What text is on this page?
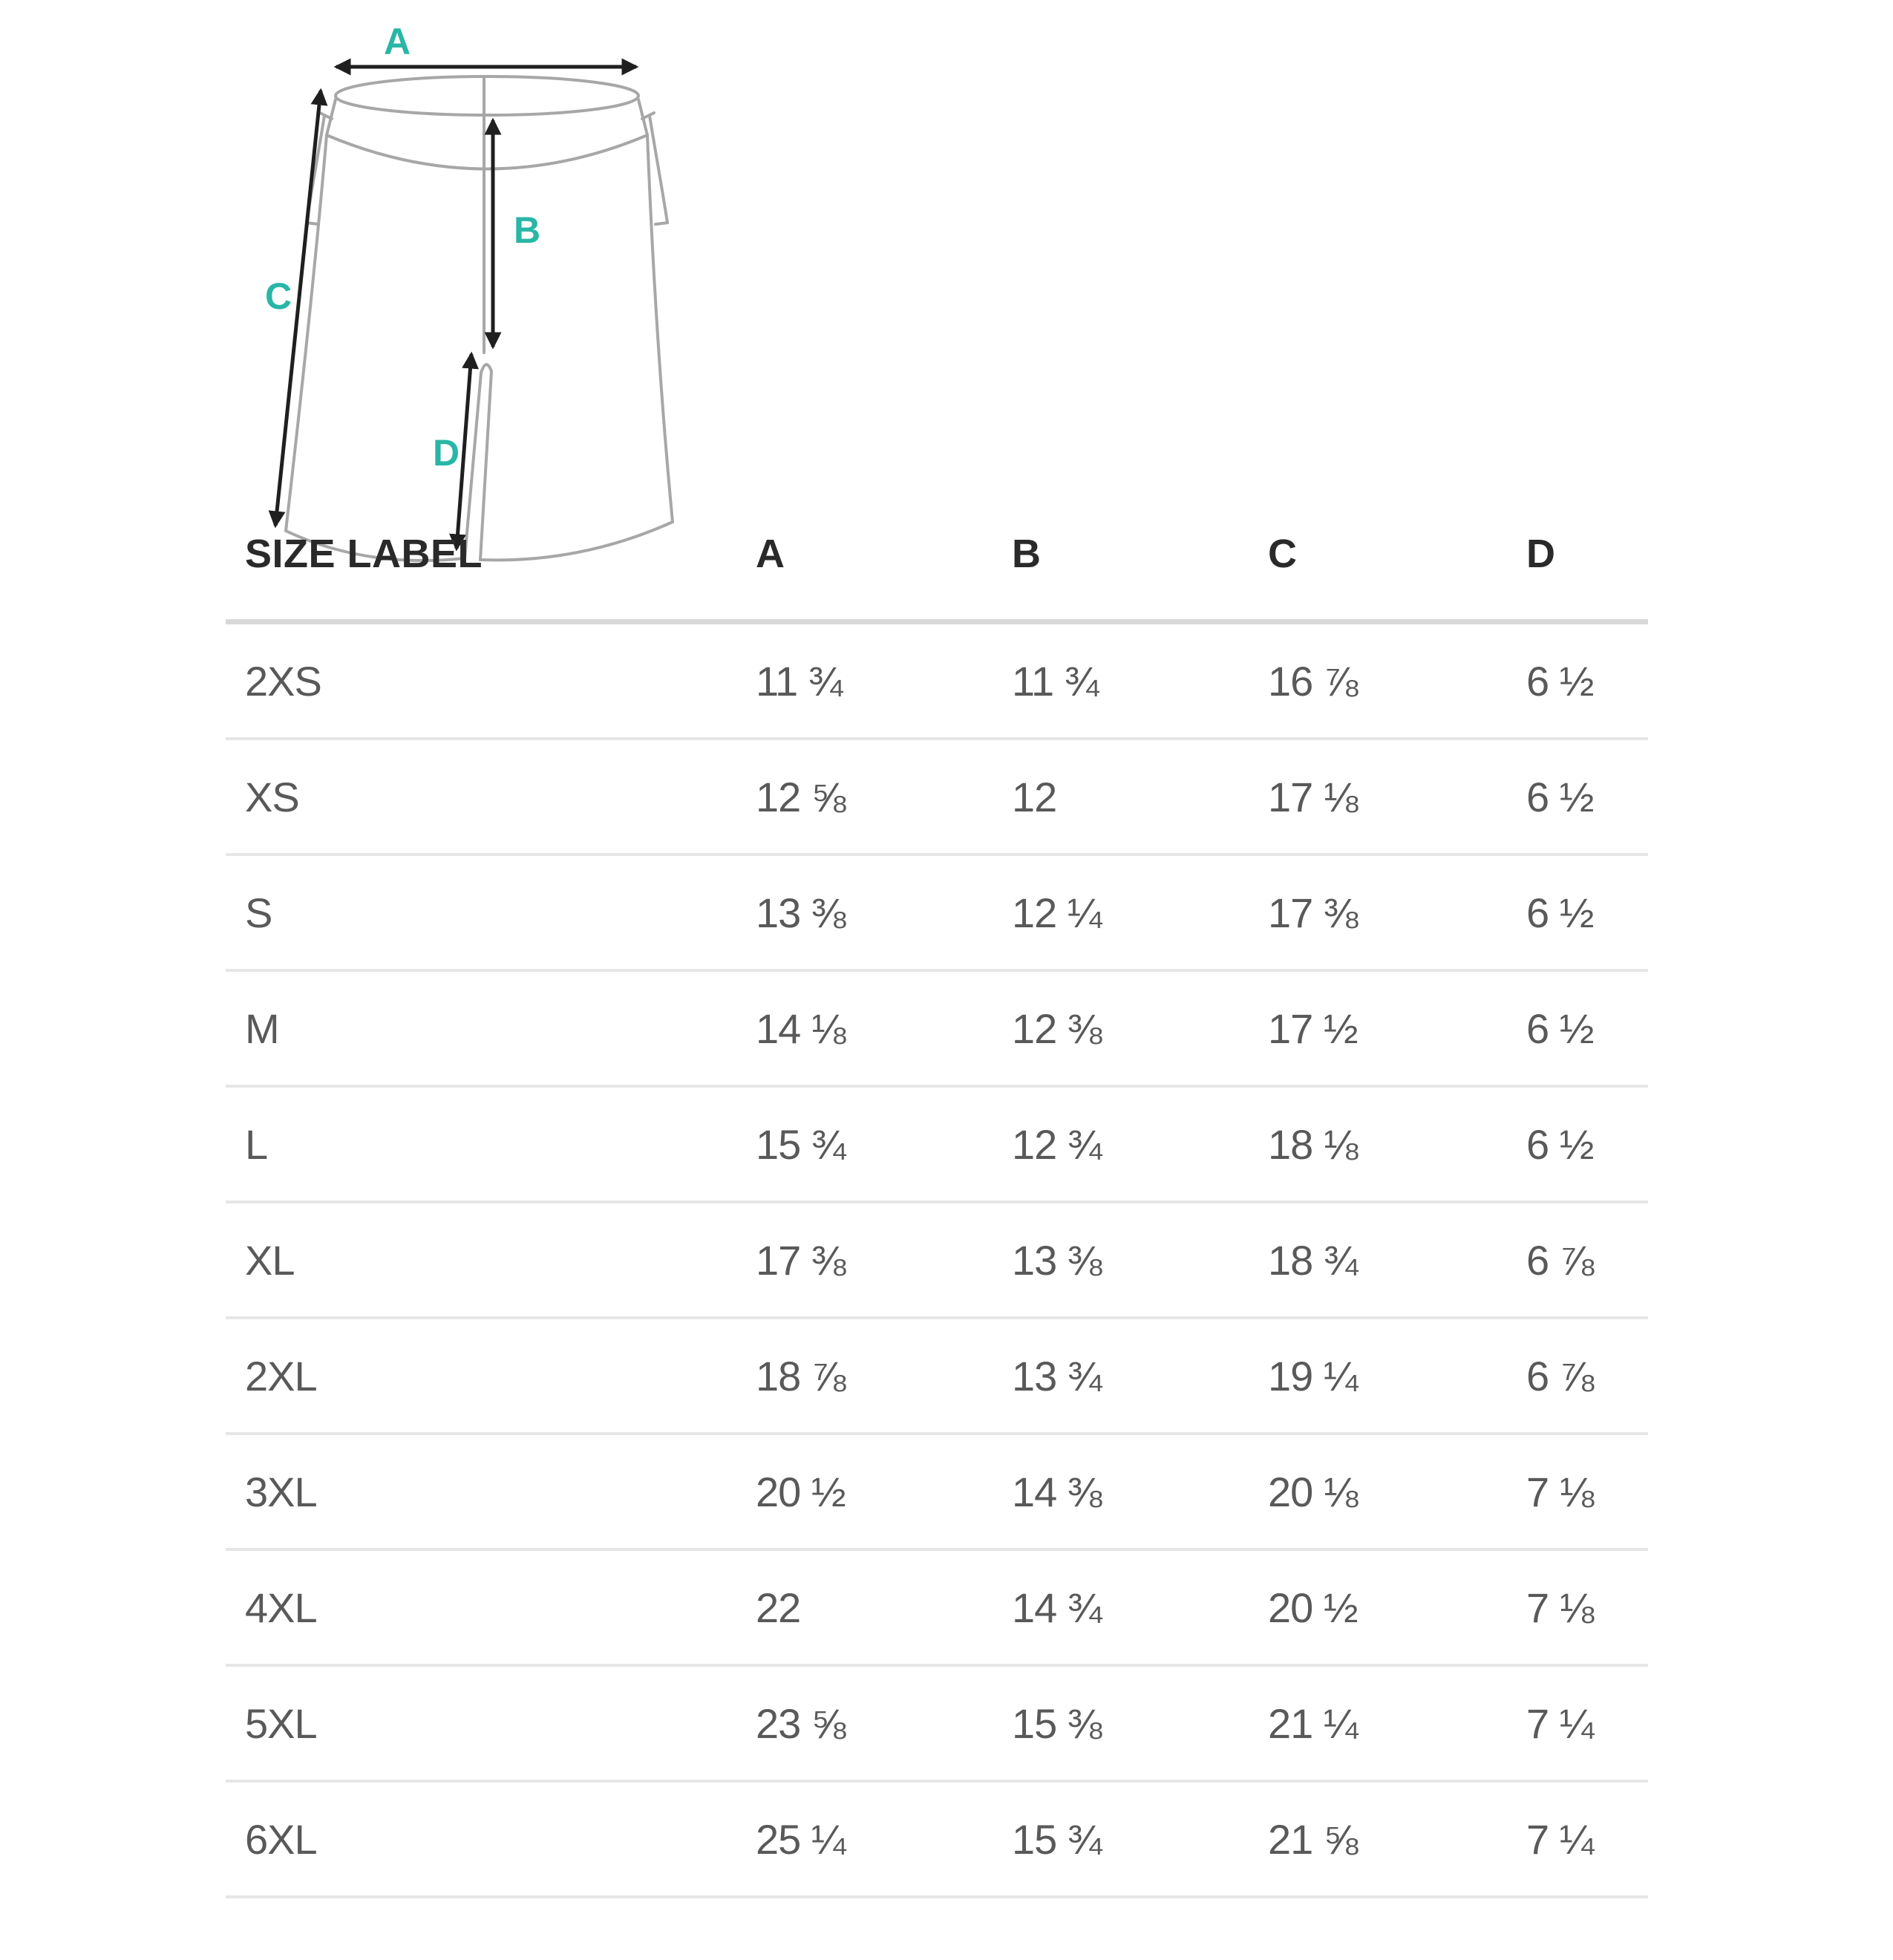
A
B
C
D
SIZE LABEL	A	B	C	D
2XS	11 ¾	11 ¾	16 ⅞	6 ½
XS	12 ⅝	12	17 ⅛	6 ½
S	13 ⅜	12 ¼	17 ⅜	6 ½
M	14 ⅛	12 ⅜	17 ½	6 ½
L	15 ¾	12 ¾	18 ⅛	6 ½
XL	17 ⅜	13 ⅜	18 ¾	6 ⅞
2XL	18 ⅞	13 ¾	19 ¼	6 ⅞
3XL	20 ½	14 ⅜	20 ⅛	7 ⅛
4XL	22	14 ¾	20 ½	7 ⅛
5XL	23 ⅝	15 ⅜	21 ¼	7 ¼
6XL	25 ¼	15 ¾	21 ⅝	7 ¼
